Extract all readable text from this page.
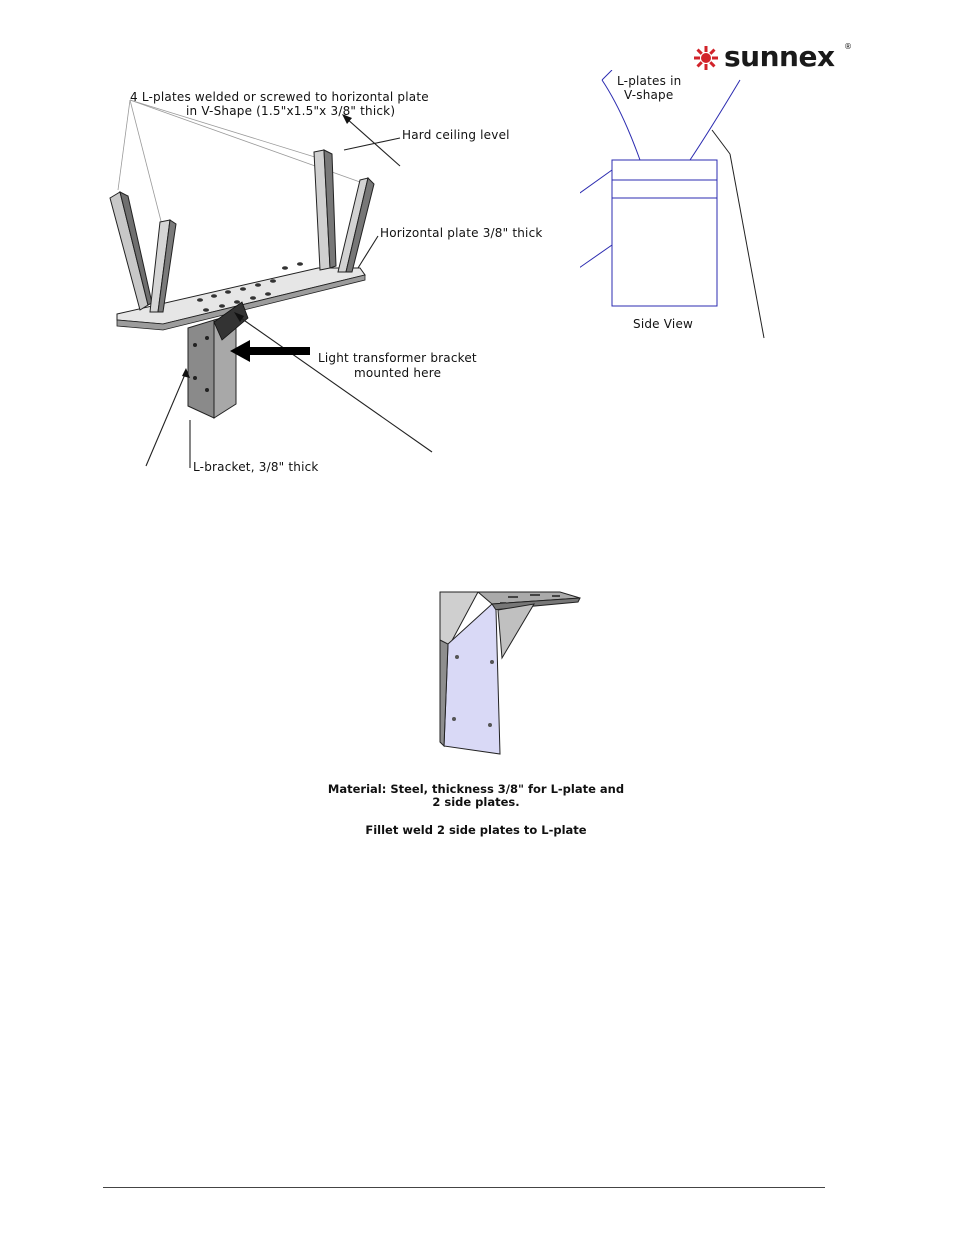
sunnex ®
4 L-plates welded or screwed to horizontal plate
in V-Shape (1.5"x1.5"x 3/8" thick)
Hard ceiling level
Horizontal plate 3/8" thick
Light transformer bracket
mounted here
L-bracket, 3/8" thick
L-plates in
V-shape
Side View
Material: Steel, thickness 3/8" for L-plate and
2 side plates.
Fillet weld 2 side plates to L-plate
